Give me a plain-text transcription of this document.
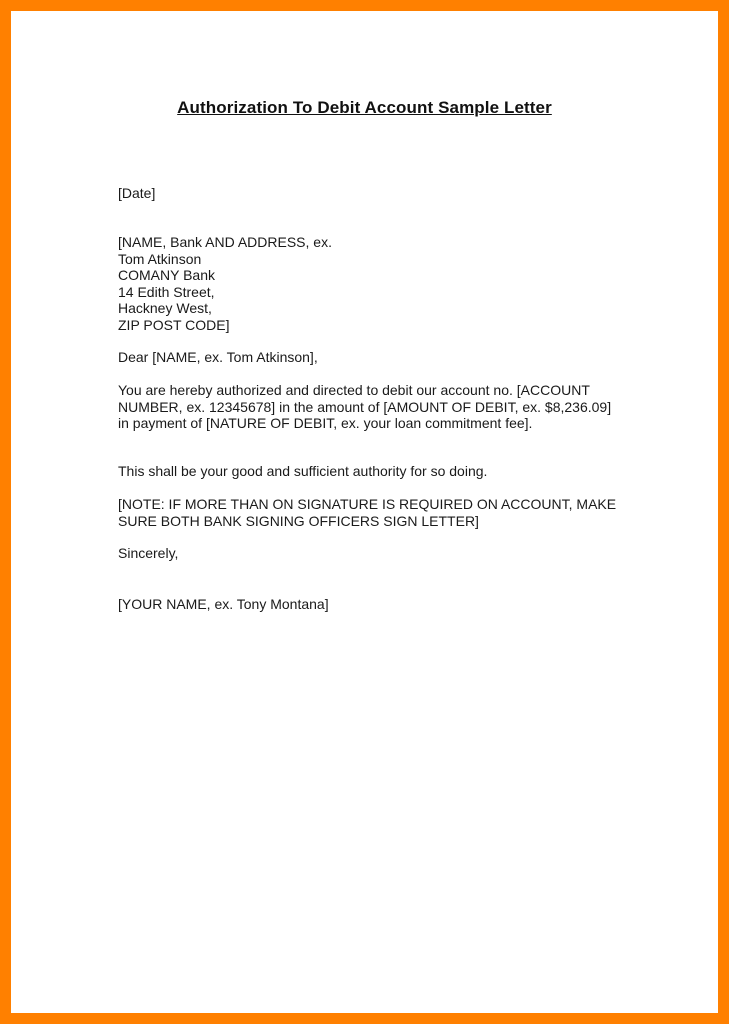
Authorization To Debit Account Sample Letter
[Date]
[NAME, Bank AND ADDRESS, ex.
Tom Atkinson
COMANY Bank
14 Edith Street,
Hackney West,
ZIP POST CODE]
Dear [NAME, ex. Tom Atkinson],
You are hereby authorized and directed to debit our account no. [ACCOUNT NUMBER, ex. 12345678] in the amount of [AMOUNT OF DEBIT, ex. $8,236.09] in payment of [NATURE OF DEBIT, ex. your loan commitment fee].
This shall be your good and sufficient authority for so doing.
[NOTE: IF MORE THAN ON SIGNATURE IS REQUIRED ON ACCOUNT, MAKE SURE BOTH BANK SIGNING OFFICERS SIGN LETTER]
Sincerely,
[YOUR NAME, ex. Tony Montana]
